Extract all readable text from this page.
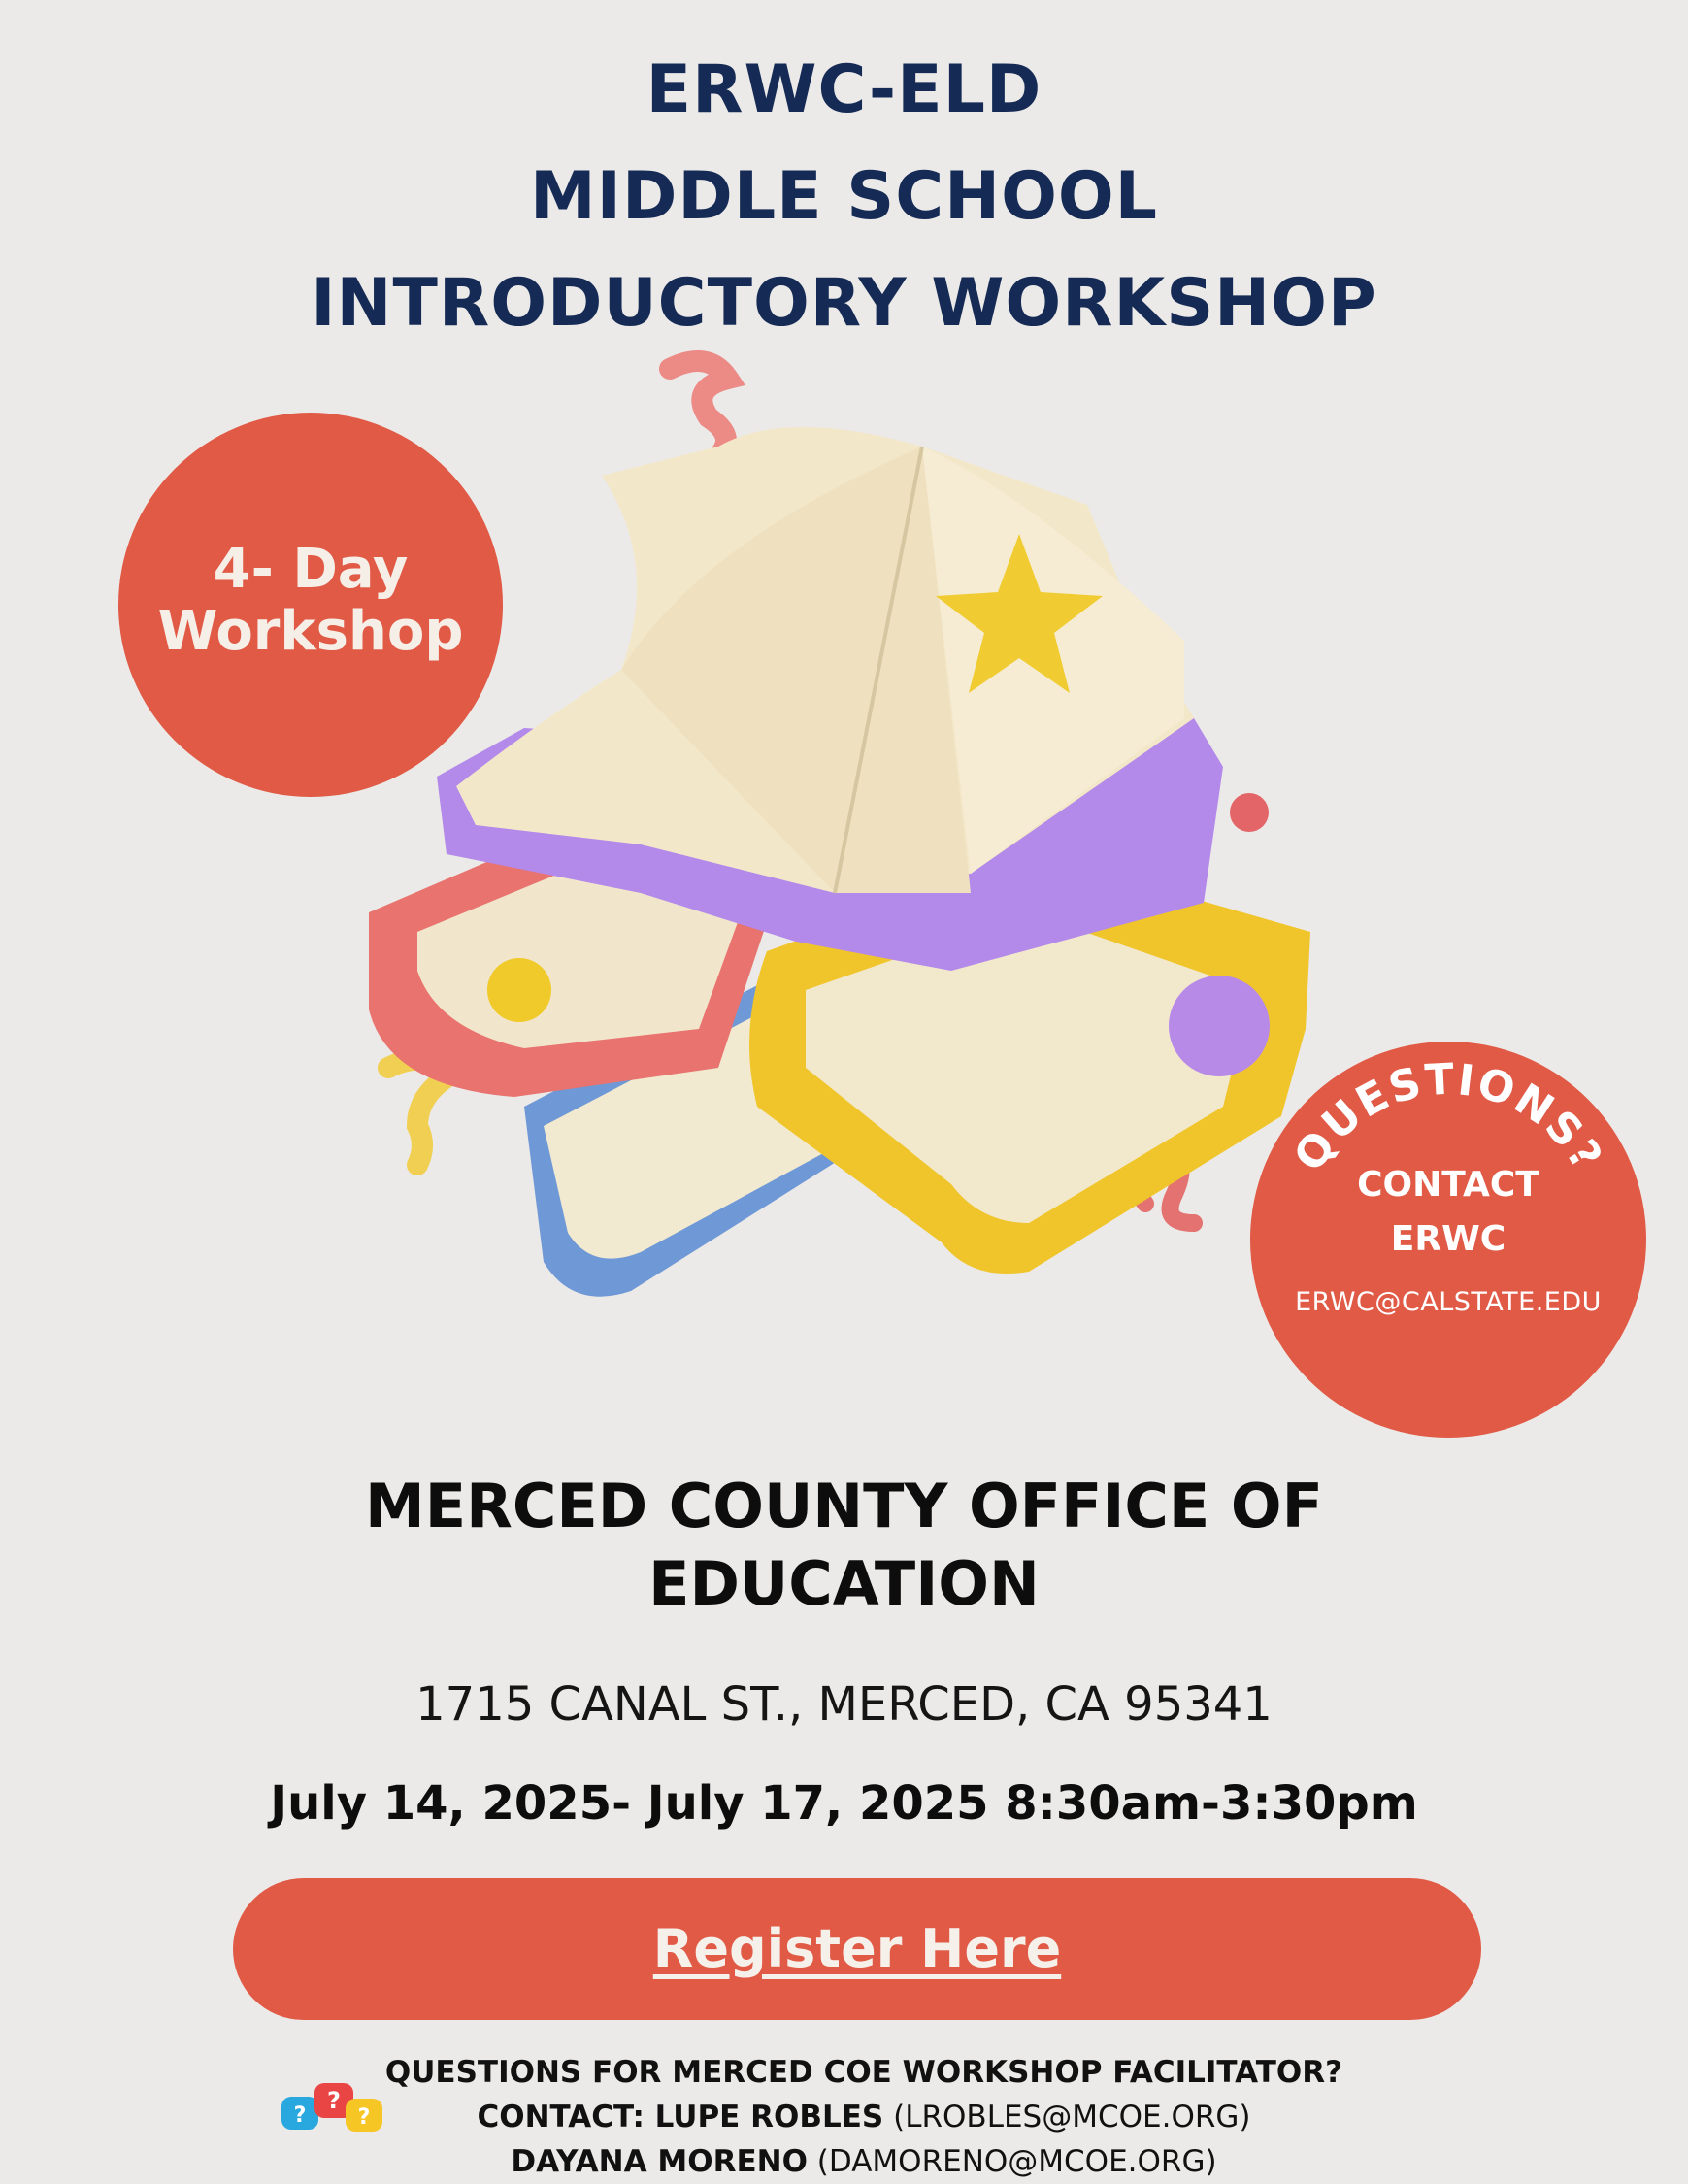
ERWC-ELD
MIDDLE SCHOOL
INTRODUCTORY WORKSHOP
4- Day
Workshop
QUESTIONS?
CONTACT
ERWC
ERWC@CALSTATE.EDU
MERCED COUNTY OFFICE OF
EDUCATION
1715 CANAL ST., MERCED, CA 95341
July 14, 2025- July 17, 2025 8:30am-3:30pm
Register Here
?
?
?
QUESTIONS FOR MERCED COE WORKSHOP FACILITATOR?
CONTACT: LUPE ROBLES (LROBLES@MCOE.ORG)
DAYANA MORENO (DAMORENO@MCOE.ORG)
